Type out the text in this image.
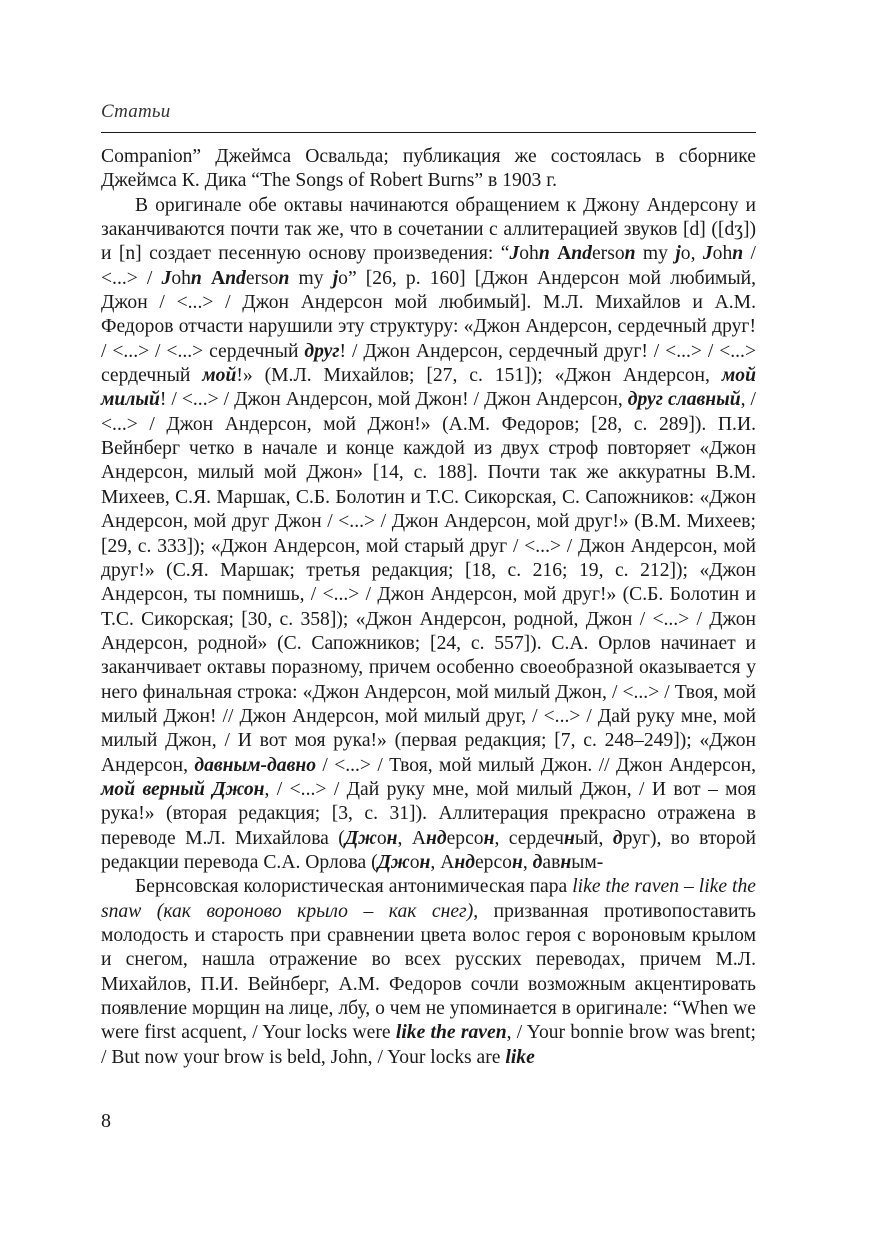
Статьи

Companion” Джеймса Освальда; публикация же состоялась в сборнике Джеймса К. Дика “The Songs of Robert Burns” в 1903 г.

В оригинале обе октавы начинаются обращением к Джону Андерсону и заканчиваются почти так же, что в сочетании с аллитерацией звуков [d] ([dʒ]) и [n] создает песенную основу произведения: “John Anderson my jo, John / <...> / John Anderson my jo” [26, p. 160] [Джон Андерсон мой любимый, Джон / <...> / Джон Андерсон мой любимый]. М.Л. Михайлов и А.М. Федоров отчасти нарушили эту структуру: «Джон Андерсон, сердечный друг! / <...> / <...> сердечный друг! / Джон Андерсон, сердечный друг! / <...> / <...> сердечный мой!» (М.Л. Михайлов; [27, с. 151]); «Джон Андерсон, мой милый! / <...> / Джон Андерсон, мой Джон! / Джон Андерсон, друг славный, / <...> / Джон Андерсон, мой Джон!» (А.М. Федоров; [28, с. 289]). П.И. Вейнберг четко в начале и конце каждой из двух строф повторяет «Джон Андерсон, милый мой Джон» [14, с. 188]. Почти так же аккуратны В.М. Михеев, С.Я. Маршак, С.Б. Болотин и Т.С. Сикорская, С. Сапожников: «Джон Андерсон, мой друг Джон / <...> / Джон Андерсон, мой друг!» (В.М. Михеев; [29, с. 333]); «Джон Андерсон, мой старый друг / <...> / Джон Андерсон, мой друг!» (С.Я. Маршак; третья редакция; [18, с. 216; 19, с. 212]); «Джон Андерсон, ты помнишь, / <...> / Джон Андерсон, мой друг!» (С.Б. Болотин и Т.С. Сикорская; [30, с. 358]); «Джон Андерсон, родной, Джон / <...> / Джон Андерсон, родной» (С. Сапожников; [24, с. 557]). С.А. Орлов начинает и заканчивает октавы поразному, причем особенно своеобразной оказывается у него финальная строка: «Джон Андерсон, мой милый Джон, / <...> / Твоя, мой милый Джон! // Джон Андерсон, мой милый друг, / <...> / Дай руку мне, мой милый Джон, / И вот моя рука!» (первая редакция; [7, с. 248–249]); «Джон Андерсон, давным-давно / <...> / Твоя, мой милый Джон. // Джон Андерсон, мой верный Джон, / <...> / Дай руку мне, мой милый Джон, / И вот – моя рука!» (вторая редакция; [3, с. 31]). Аллитерация прекрасно отражена в переводе М.Л. Михайлова (Джон, Андерсон, сердечный, друг), во второй редакции перевода С.А. Орлова (Джон, Андерсон, давным-

Бернсовская колористическая антонимическая пара like the raven – like the snaw (как вороново крыло – как снег), призванная противопоставить молодость и старость при сравнении цвета волос героя с вороновым крылом и снегом, нашла отражение во всех русских переводах, причем М.Л. Михайлов, П.И. Вейнберг, А.М. Федоров сочли возможным акцентировать появление морщин на лице, лбу, о чем не упоминается в оригинале: “When we were first acquent, / Your locks were like the raven, / Your bonnie brow was brent; / But now your brow is beld, John, / Your locks are like

8
